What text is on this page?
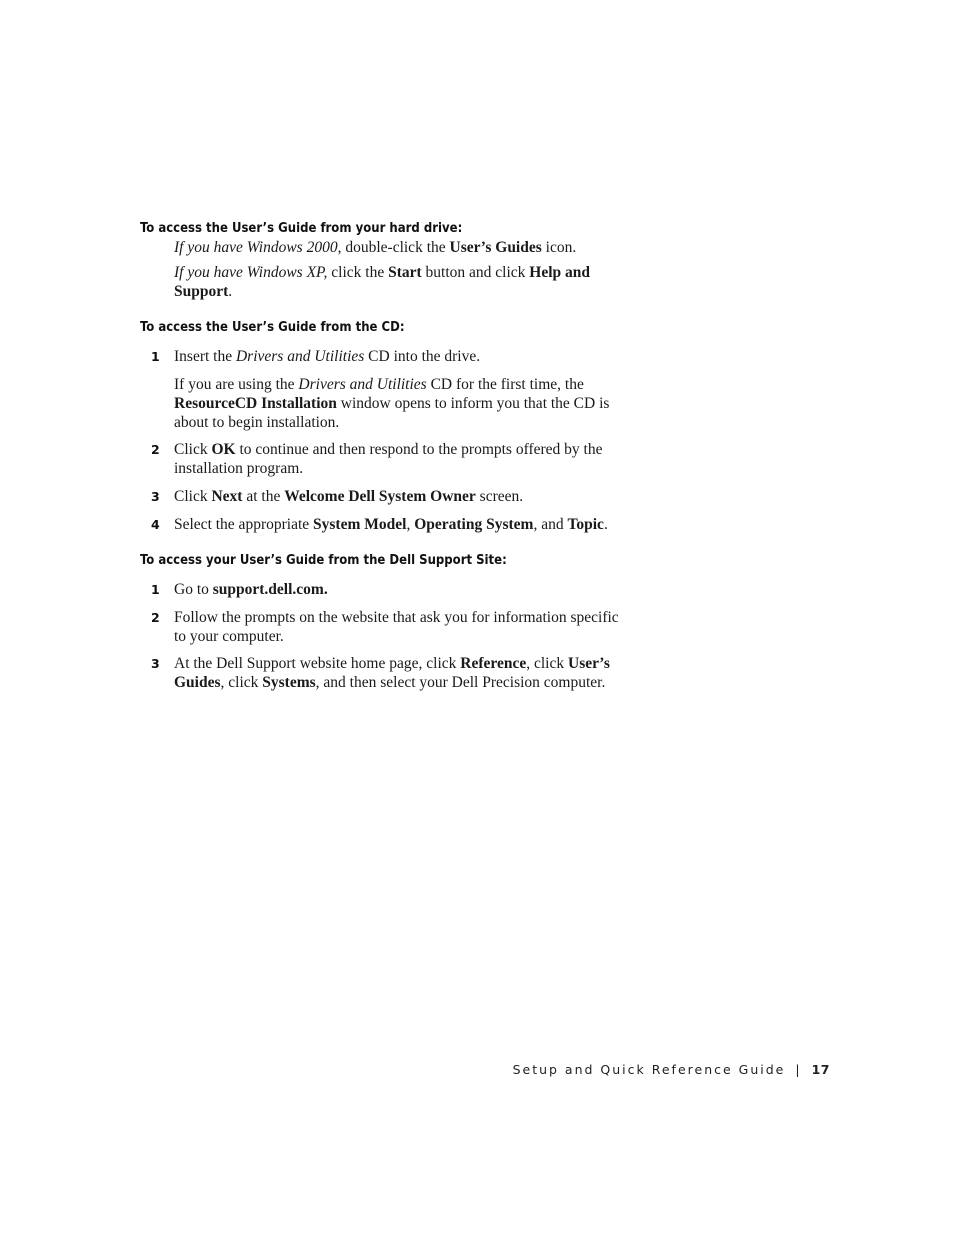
To access the User’s Guide from your hard drive:
If you have Windows 2000, double-click the User’s Guides icon.
If you have Windows XP, click the Start button and click Help and Support.
To access the User’s Guide from the CD:
1 Insert the Drivers and Utilities CD into the drive.
If you are using the Drivers and Utilities CD for the first time, the ResourceCD Installation window opens to inform you that the CD is about to begin installation.
2 Click OK to continue and then respond to the prompts offered by the installation program.
3 Click Next at the Welcome Dell System Owner screen.
4 Select the appropriate System Model, Operating System, and Topic.
To access your User’s Guide from the Dell Support Site:
1 Go to support.dell.com.
2 Follow the prompts on the website that ask you for information specific to your computer.
3 At the Dell Support website home page, click Reference, click User’s Guides, click Systems, and then select your Dell Precision computer.
Setup and Quick Reference Guide | 17
